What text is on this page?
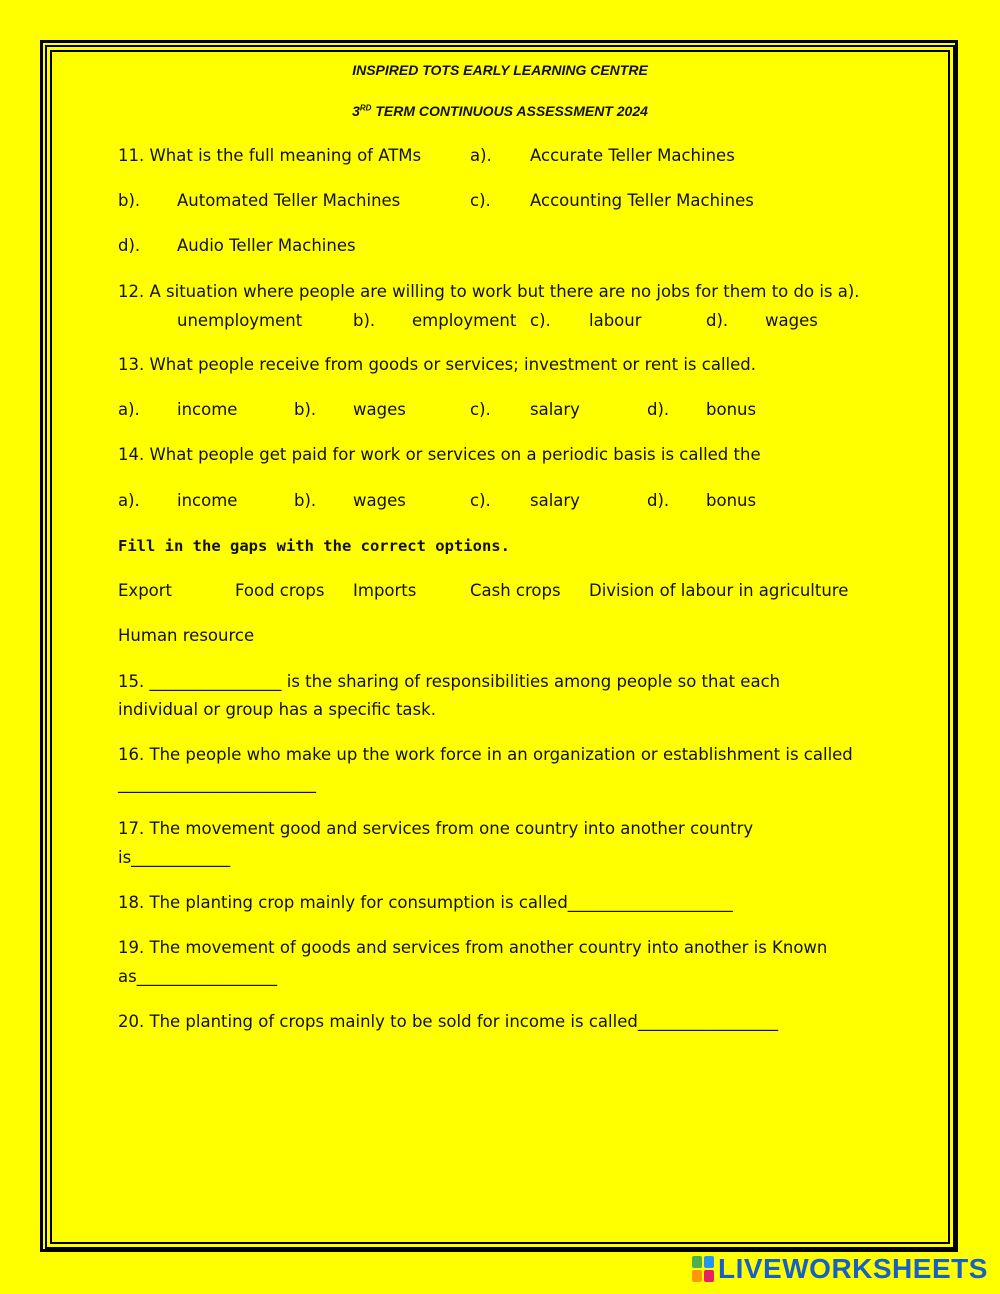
INSPIRED TOTS EARLY LEARNING CENTRE
3RD TERM CONTINUOUS ASSESSMENT 2024
11. What is the full meaning of ATMs	a). Accurate Teller Machines
b). Automated Teller Machines	c). Accounting Teller Machines
d). Audio Teller Machines
12. A situation where people are willing to work but there are no jobs for them to do is a).
unemployment	b). employment c). labour	d). wages
13. What people receive from goods or services; investment or rent is called.
a). income	b). wages	c). salary	d). bonus
14. What people get paid for work or services on a periodic basis is called the
a). income	b). wages	c). salary	d). bonus
Fill in the gaps with the correct options.
Export	Food crops Imports	Cash crops Division of labour in agriculture
Human resource
15. ________________ is the sharing of responsibilities among people so that each
individual or group has a specific task.
16. The people who make up the work force in an organization or establishment is called
________________________
17. The movement good and services from one country into another country
is____________
18. The planting crop mainly for consumption is called____________________
19. The movement of goods and services from another country into another is Known
as_________________
20. The planting of crops mainly to be sold for income is called_________________
LIVEWORKSHEETS
